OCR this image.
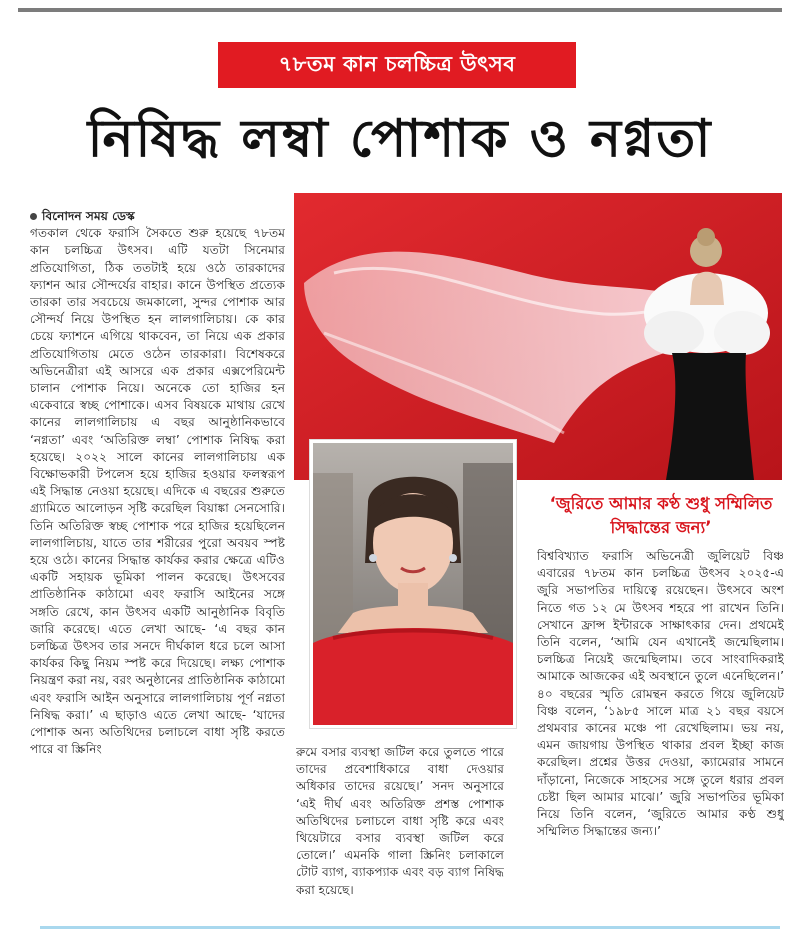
৭৮তম কান চলচ্চিত্র উৎসব
নিষিদ্ধ লম্বা পোশাক ও নগ্নতা
বিনোদন সময় ডেস্ক
গতকাল থেকে ফরাসি সৈকতে শুরু হয়েছে ৭৮তম কান চলচ্চিত্র উৎসব। এটি যতটা সিনেমার প্রতিযোগিতা, ঠিক ততটাই হয়ে ওঠে তারকাদের ফ্যাশন আর সৌন্দর্যের বাহার। কানে উপস্থিত প্রত্যেক তারকা তার সবচেয়ে জমকালো, সুন্দর পোশাক আর সৌন্দর্য নিয়ে উপস্থিত হন লালগালিচায়। কে কার চেয়ে ফ্যাশনে এগিয়ে থাকবেন, তা নিয়ে এক প্রকার প্রতিযোগিতায় মেতে ওঠেন তারকারা। বিশেষকরে অভিনেত্রীরা এই আসরে এক প্রকার এক্সপেরিমেন্ট চালান পোশাক নিয়ে। অনেকে তো হাজির হন একেবারে স্বচ্ছ পোশাকে। এসব বিষয়কে মাথায় রেখে কানের লালগালিচায় এ বছর আনুষ্ঠানিকভাবে ‘নগ্নতা’ এবং ‘অতিরিক্ত লম্বা’ পোশাক নিষিদ্ধ করা হয়েছে। ২০২২ সালে কানের লালগালিচায় এক বিক্ষোভকারী টপলেস হয়ে হাজির হওয়ার ফলস্বরূপ এই সিদ্ধান্ত নেওয়া হয়েছে। এদিকে এ বছরের শুরুতে গ্র্যামিতে আলোড়ন সৃষ্টি করেছিল বিয়াঙ্কা সেনসোরি। তিনি অতিরিক্ত স্বচ্ছ পোশাক পরে হাজির হয়েছিলেন লালগালিচায়, যাতে তার শরীরের পুরো অবয়ব স্পষ্ট হয়ে ওঠে। কানের সিদ্ধান্ত কার্যকর করার ক্ষেত্রে এটিও একটি সহায়ক ভূমিকা পালন করেছে। উৎসবের প্রাতিষ্ঠানিক কাঠামো এবং ফরাসি আইনের সঙ্গে সঙ্গতি রেখে, কান উৎসব একটি আনুষ্ঠানিক বিবৃতি জারি করেছে। এতে লেখা আছে- ‘এ বছর কান চলচ্চিত্র উৎসব তার সনদে দীর্ঘকাল ধরে চলে আসা কার্যকর কিছু নিয়ম স্পষ্ট করে দিয়েছে। লক্ষ্য পোশাক নিয়ন্ত্রণ করা নয়, বরং অনুষ্ঠানের প্রাতিষ্ঠানিক কাঠামো এবং ফরাসি আইন অনুসারে লালগালিচায় পূর্ণ নগ্নতা নিষিদ্ধ করা।’ এ ছাড়াও এতে লেখা আছে- ‘যাদের পোশাক অন্য অতিথিদের চলাচলে বাধা সৃষ্টি করতে পারে বা স্ক্রিনিং
‘জুরিতে আমার কণ্ঠ শুধু সম্মিলিত সিদ্ধান্তের জন্য’
রুমে বসার ব্যবস্থা জটিল করে তুলতে পারে তাদের প্রবেশাধিকারে বাধা দেওয়ার অধিকার তাদের রয়েছে।’ সনদ অনুসারে ‘এই দীর্ঘ এবং অতিরিক্ত প্রশস্ত পোশাক অতিথিদের চলাচলে বাধা সৃষ্টি করে এবং থিয়েটারে বসার ব্যবস্থা জটিল করে তোলে।’ এমনকি গালা স্ক্রিনিং চলাকালে টোট ব্যাগ, ব্যাকপ্যাক এবং বড় ব্যাগ নিষিদ্ধ করা হয়েছে।
বিশ্ববিখ্যাত ফরাসি অভিনেত্রী জুলিয়েট বিঞ্চ এবারের ৭৮তম কান চলচ্চিত্র উৎসব ২০২৫-এ জুরি সভাপতির দায়িত্বে রয়েছেন। উৎসবে অংশ নিতে গত ১২ মে উৎসব শহরে পা রাখেন তিনি। সেখানে ফ্রান্স ইন্টারকে সাক্ষাৎকার দেন। প্রথমেই তিনি বলেন, ‘আমি যেন এখানেই জন্মেছিলাম। চলচ্চিত্র নিয়েই জন্মেছিলাম। তবে সাংবাদিকরাই আমাকে আজকের এই অবস্থানে তুলে এনেছিলেন।’ ৪০ বছরের স্মৃতি রোমন্থন করতে গিয়ে জুলিয়েট বিঞ্চ বলেন, ‘১৯৮৫ সালে মাত্র ২১ বছর বয়সে প্রথমবার কানের মঞ্চে পা রেখেছিলাম। ভয় নয়, এমন জায়গায় উপস্থিত থাকার প্রবল ইচ্ছা কাজ করেছিল। প্রশ্নের উত্তর দেওয়া, ক্যামেরার সামনে দাঁড়ানো, নিজেকে সাহসের সঙ্গে তুলে ধরার প্রবল চেষ্টা ছিল আমার মাঝে।’ জুরি সভাপতির ভূমিকা নিয়ে তিনি বলেন, ‘জুরিতে আমার কণ্ঠ শুধু সম্মিলিত সিদ্ধান্তের জন্য।’
